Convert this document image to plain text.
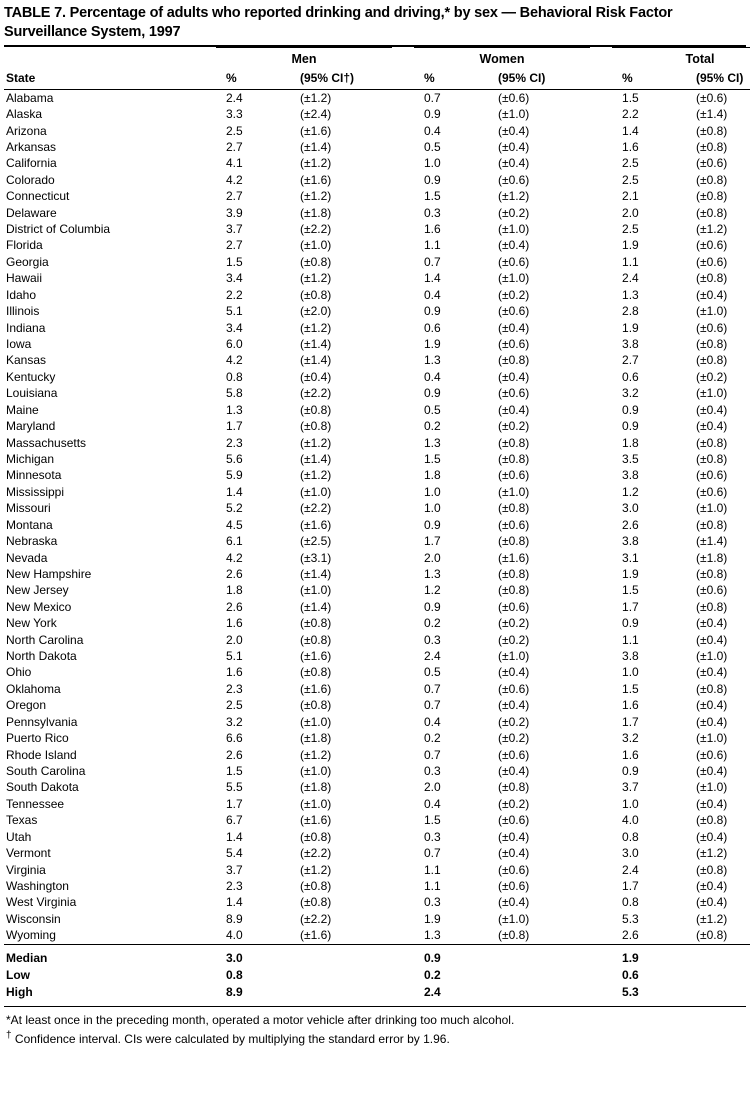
TABLE 7. Percentage of adults who reported drinking and driving,* by sex — Behavioral Risk Factor Surveillance System, 1997
	Men			Women			Total	
State	%	(95% CI†)		%	(95% CI)		%	(95% CI)
Alabama	2.4	(±1.2)		0.7	(±0.6)		1.5	(±0.6)
Alaska	3.3	(±2.4)		0.9	(±1.0)		2.2	(±1.4)
Arizona	2.5	(±1.6)		0.4	(±0.4)		1.4	(±0.8)
Arkansas	2.7	(±1.4)		0.5	(±0.4)		1.6	(±0.8)
California	4.1	(±1.2)		1.0	(±0.4)		2.5	(±0.6)
Colorado	4.2	(±1.6)		0.9	(±0.6)		2.5	(±0.8)
Connecticut	2.7	(±1.2)		1.5	(±1.2)		2.1	(±0.8)
Delaware	3.9	(±1.8)		0.3	(±0.2)		2.0	(±0.8)
District of Columbia	3.7	(±2.2)		1.6	(±1.0)		2.5	(±1.2)
Florida	2.7	(±1.0)		1.1	(±0.4)		1.9	(±0.6)
Georgia	1.5	(±0.8)		0.7	(±0.6)		1.1	(±0.6)
Hawaii	3.4	(±1.2)		1.4	(±1.0)		2.4	(±0.8)
Idaho	2.2	(±0.8)		0.4	(±0.2)		1.3	(±0.4)
Illinois	5.1	(±2.0)		0.9	(±0.6)		2.8	(±1.0)
Indiana	3.4	(±1.2)		0.6	(±0.4)		1.9	(±0.6)
Iowa	6.0	(±1.4)		1.9	(±0.6)		3.8	(±0.8)
Kansas	4.2	(±1.4)		1.3	(±0.8)		2.7	(±0.8)
Kentucky	0.8	(±0.4)		0.4	(±0.4)		0.6	(±0.2)
Louisiana	5.8	(±2.2)		0.9	(±0.6)		3.2	(±1.0)
Maine	1.3	(±0.8)		0.5	(±0.4)		0.9	(±0.4)
Maryland	1.7	(±0.8)		0.2	(±0.2)		0.9	(±0.4)
Massachusetts	2.3	(±1.2)		1.3	(±0.8)		1.8	(±0.8)
Michigan	5.6	(±1.4)		1.5	(±0.8)		3.5	(±0.8)
Minnesota	5.9	(±1.2)		1.8	(±0.6)		3.8	(±0.6)
Mississippi	1.4	(±1.0)		1.0	(±1.0)		1.2	(±0.6)
Missouri	5.2	(±2.2)		1.0	(±0.8)		3.0	(±1.0)
Montana	4.5	(±1.6)		0.9	(±0.6)		2.6	(±0.8)
Nebraska	6.1	(±2.5)		1.7	(±0.8)		3.8	(±1.4)
Nevada	4.2	(±3.1)		2.0	(±1.6)		3.1	(±1.8)
New Hampshire	2.6	(±1.4)		1.3	(±0.8)		1.9	(±0.8)
New Jersey	1.8	(±1.0)		1.2	(±0.8)		1.5	(±0.6)
New Mexico	2.6	(±1.4)		0.9	(±0.6)		1.7	(±0.8)
New York	1.6	(±0.8)		0.2	(±0.2)		0.9	(±0.4)
North Carolina	2.0	(±0.8)		0.3	(±0.2)		1.1	(±0.4)
North Dakota	5.1	(±1.6)		2.4	(±1.0)		3.8	(±1.0)
Ohio	1.6	(±0.8)		0.5	(±0.4)		1.0	(±0.4)
Oklahoma	2.3	(±1.6)		0.7	(±0.6)		1.5	(±0.8)
Oregon	2.5	(±0.8)		0.7	(±0.4)		1.6	(±0.4)
Pennsylvania	3.2	(±1.0)		0.4	(±0.2)		1.7	(±0.4)
Puerto Rico	6.6	(±1.8)		0.2	(±0.2)		3.2	(±1.0)
Rhode Island	2.6	(±1.2)		0.7	(±0.6)		1.6	(±0.6)
South Carolina	1.5	(±1.0)		0.3	(±0.4)		0.9	(±0.4)
South Dakota	5.5	(±1.8)		2.0	(±0.8)		3.7	(±1.0)
Tennessee	1.7	(±1.0)		0.4	(±0.2)		1.0	(±0.4)
Texas	6.7	(±1.6)		1.5	(±0.6)		4.0	(±0.8)
Utah	1.4	(±0.8)		0.3	(±0.4)		0.8	(±0.4)
Vermont	5.4	(±2.2)		0.7	(±0.4)		3.0	(±1.2)
Virginia	3.7	(±1.2)		1.1	(±0.6)		2.4	(±0.8)
Washington	2.3	(±0.8)		1.1	(±0.6)		1.7	(±0.4)
West Virginia	1.4	(±0.8)		0.3	(±0.4)		0.8	(±0.4)
Wisconsin	8.9	(±2.2)		1.9	(±1.0)		5.3	(±1.2)
Wyoming	4.0	(±1.6)		1.3	(±0.8)		2.6	(±0.8)

Median	3.0			0.9			1.9	
Low	0.8			0.2			0.6	
High	8.9			2.4			5.3	
*At least once in the preceding month, operated a motor vehicle after drinking too much alcohol.
† Confidence interval. CIs were calculated by multiplying the standard error by 1.96.
